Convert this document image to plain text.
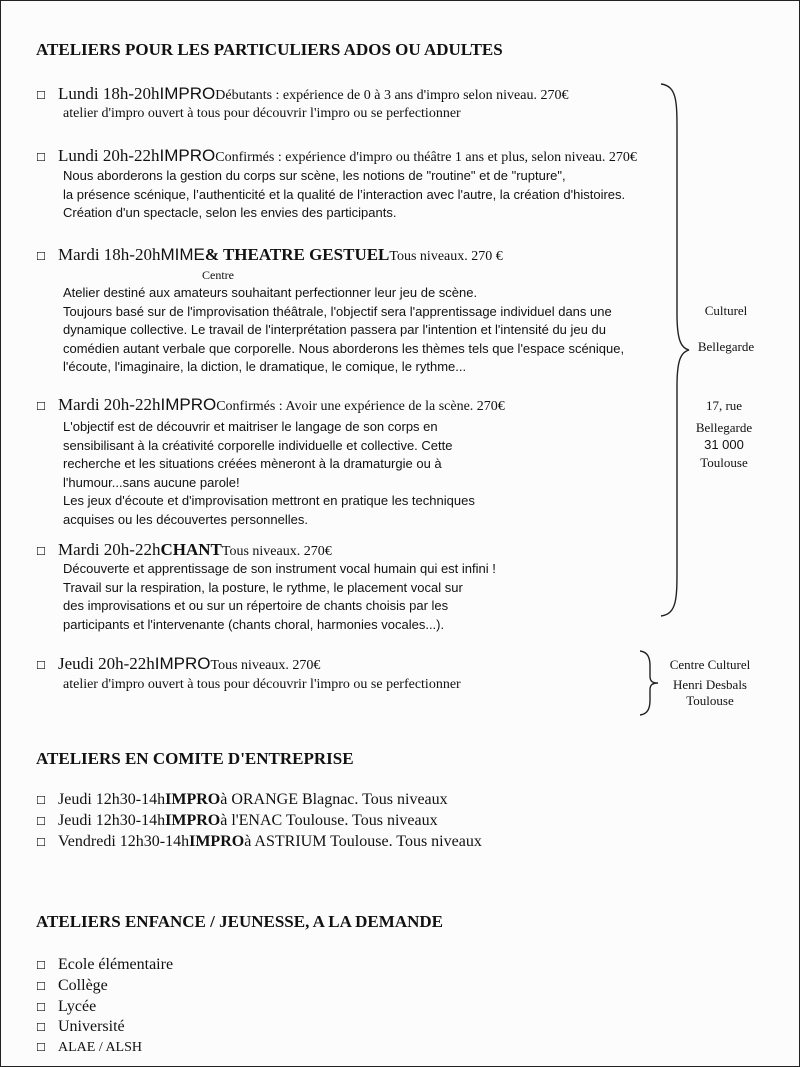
ATELIERS POUR LES PARTICULIERS ADOS OU ADULTES
☐ Lundi 18h-20h IMPRO Débutants : expérience de 0 à 3 ans d'impro selon niveau. 270€
atelier d'impro ouvert à tous pour découvrir l'impro ou se perfectionner
☐ Lundi 20h-22h IMPRO Confirmés : expérience d'impro ou théâtre 1 ans et plus, selon niveau. 270€
Nous aborderons la gestion du corps sur scène, les notions de "routine" et de "rupture",
la présence scénique, l’authenticité et la qualité de l’interaction avec l'autre, la création d'histoires.
Création d'un spectacle, selon les envies des participants.
☐ Mardi 18h-20h MIME & THEATRE GESTUEL Tous niveaux. 270 €
Centre
Atelier destiné aux amateurs souhaitant perfectionner leur jeu de scène.
Toujours basé sur de l'improvisation théâtrale, l'objectif sera l'apprentissage individuel dans une
dynamique collective. Le travail de l'interprétation passera par l'intention et l'intensité du jeu du
comédien autant verbale que corporelle. Nous aborderons les thèmes tels que l'espace scénique,
l'écoute, l'imaginaire, la diction, le dramatique, le comique, le rythme...
☐ Mardi 20h-22h IMPRO Confirmés : Avoir une expérience de la scène. 270€
L'objectif est de découvrir et maitriser le langage de son corps en
sensibilisant à la créativité corporelle individuelle et collective. Cette
recherche et les situations créées mèneront à la dramaturgie ou à
l'humour...sans aucune parole!
Les jeux d'écoute et d'improvisation mettront en pratique les techniques
acquises ou les découvertes personnelles.
☐ Mardi 20h-22h CHANT Tous niveaux. 270€
Découverte et apprentissage de son instrument vocal humain qui est infini !
Travail sur la respiration, la posture, le rythme, le placement vocal sur
des improvisations et ou sur un répertoire de chants choisis par les
participants et l'intervenante (chants choral, harmonies vocales...).
☐ Jeudi 20h-22h IMPRO Tous niveaux. 270€
atelier d'impro ouvert à tous pour découvrir l'impro ou se perfectionner
Culturel
Bellegarde
17, rue
Bellegarde
31 000
Toulouse
Centre Culturel
Henri Desbals
Toulouse
ATELIERS EN COMITE D'ENTREPRISE
☐ Jeudi 12h30-14h IMPRO à ORANGE Blagnac. Tous niveaux
☐ Jeudi 12h30-14h IMPRO à l'ENAC Toulouse. Tous niveaux
☐ Vendredi 12h30-14h IMPRO à ASTRIUM Toulouse. Tous niveaux
ATELIERS ENFANCE / JEUNESSE, A LA DEMANDE
☐ Ecole élémentaire
☐ Collège
☐ Lycée
☐ Université
☐ ALAE / ALSH
